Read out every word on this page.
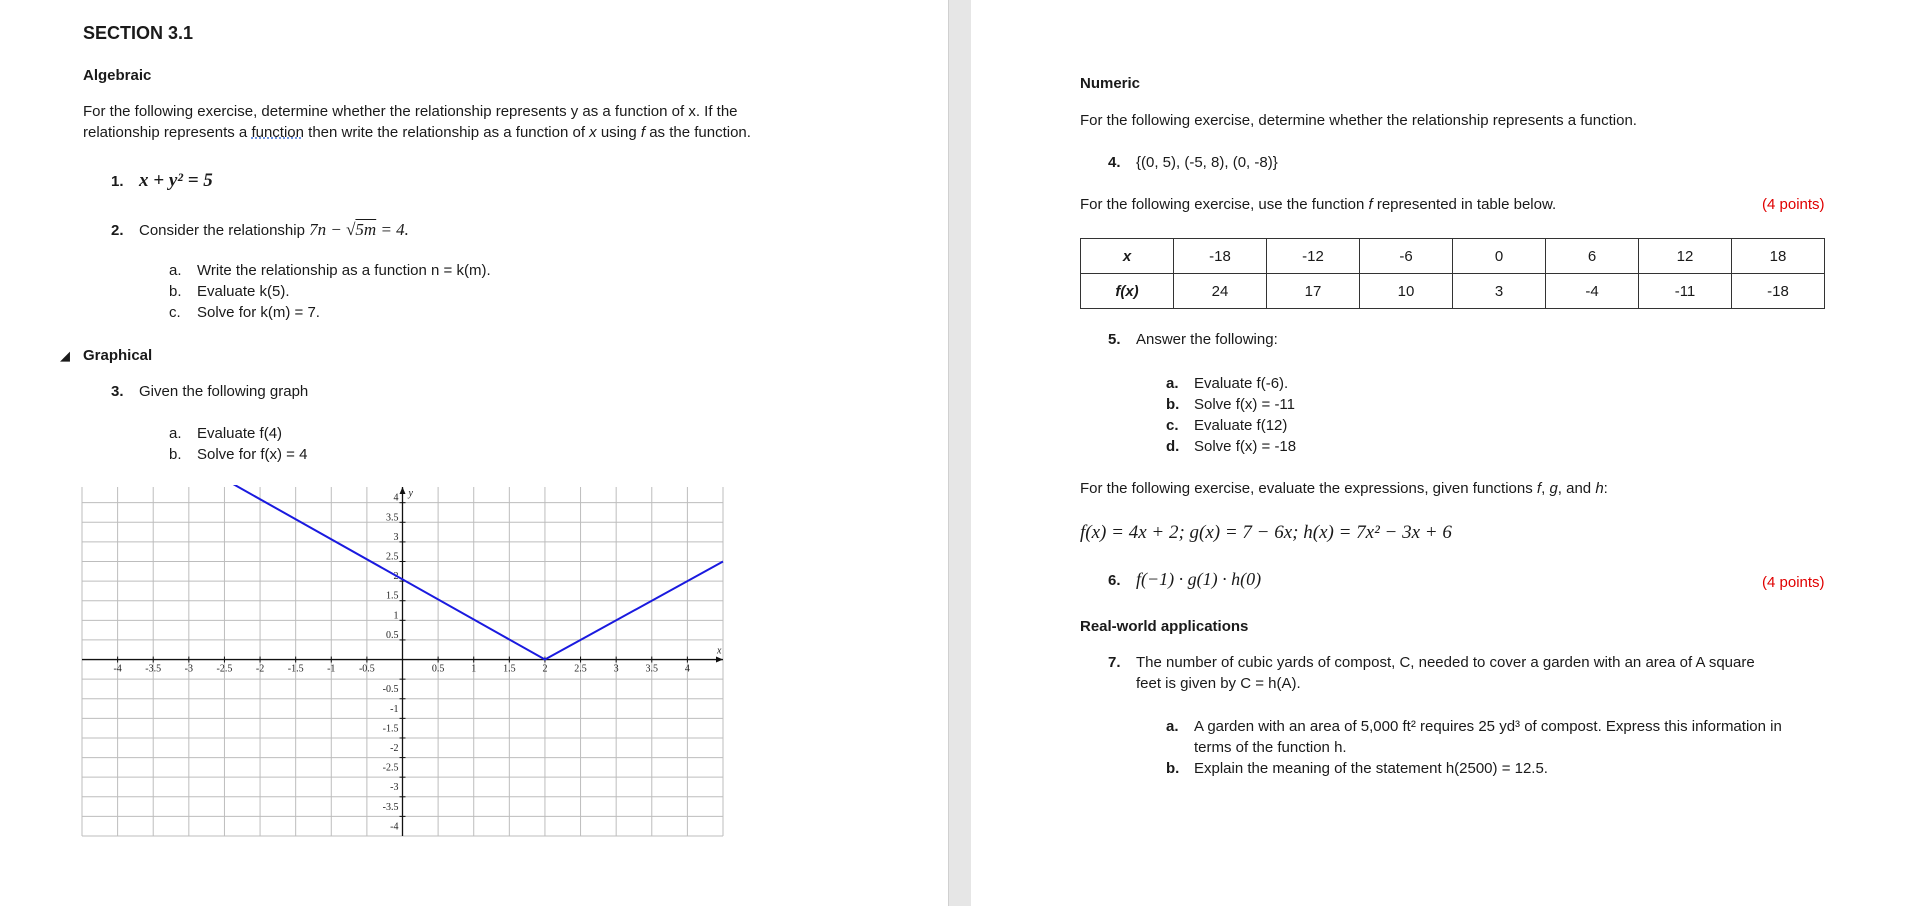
SECTION 3.1
Algebraic
For the following exercise, determine whether the relationship represents y as a function of x. If the
relationship represents a function then write the relationship as a function of x using f as the function.
1. x + y² = 5
2. Consider the relationship 7n − √5m = 4.
a. Write the relationship as a function n = k(m).
b. Evaluate k(5).
c. Solve for k(m) = 7.
◢ Graphical
3. Given the following graph
a. Evaluate f(4)
b. Solve for f(x) = 4
x
y
-4 -3.5 -3 -2.5 -2 -1.5 -1 -0.5	0.5	1	1.5	2	2.5	3	3.5	4
4
3.5
3
2.5
2
1.5
1
0.5
-0.5
-1
-1.5
-2
-2.5
-3
-3.5
-4
Numeric
For the following exercise, determine whether the relationship represents a function.
4. {(0, 5), (-5, 8), (0, -8)}
For the following exercise, use the function f represented in table below.	(4 points)
x	-18	-12	-6	0	6	12	18
f(x)	24	17	10	3	-4	-11	-18
5. Answer the following:
a. Evaluate f(-6).
b. Solve f(x) = -11
c. Evaluate f(12)
d. Solve f(x) = -18
For the following exercise, evaluate the expressions, given functions f, g, and h:
f(x) = 4x + 2; g(x) = 7 − 6x; h(x) = 7x² − 3x + 6
6. f(−1) · g(1) · h(0)	(4 points)
Real-world applications
7. The number of cubic yards of compost, C, needed to cover a garden with an area of A square
feet is given by C = h(A).
a. A garden with an area of 5,000 ft² requires 25 yd³ of compost. Express this information in
terms of the function h.
b. Explain the meaning of the statement h(2500) = 12.5.
